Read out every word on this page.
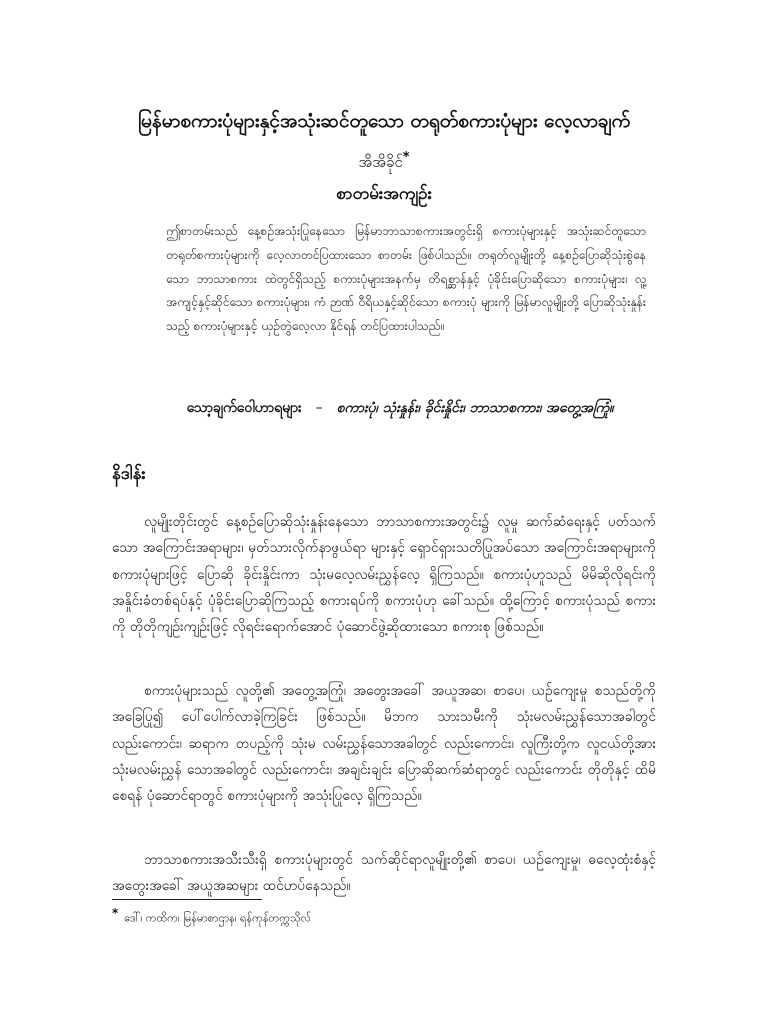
မြန်မာစကားပုံများနှင့်အသုံးဆင်တူသော တရုတ်စကားပုံများ လေ့လာချက်
အိအိခိုင်*
စာတမ်းအကျဉ်း
ဤစာတမ်းသည် နေ့စဉ်အသုံးပြုနေသော မြန်မာဘာသာစကားအတွင်းရှိ စကားပုံများနှင့် အသုံးဆင်တူသော တရုတ်စကားပုံများကို လေ့လာတင်ပြထားသော စာတမ်း ဖြစ်ပါသည်။ တရုတ်လူမျိုးတို့ နေ့စဉ်ပြောဆိုသုံးစွဲနေသော ဘာသာစကား ထဲတွင်ရှိသည့် စကားပုံများအနက်မှ တိရစ္ဆာန်နှင့် ပုံခိုင်းပြောဆိုသော စကားပုံများ၊ လူ့အကျင့်နှင့်ဆိုင်သော စကားပုံများ၊ ကံ ဉာဏ် ဝီရိယနှင့်ဆိုင်သော စကားပုံ များကို မြန်မာလူမျိုးတို့ ပြောဆိုသုံးနှုန်းသည့် စကားပုံများနှင့် ယှဉ်တွဲလေ့လာ နိုင်ရန် တင်ပြထားပါသည်။
သော့ချက်ဝေါဟာရများ – စကားပုံ၊ သုံးနှုန်း၊ ခိုင်းနှိုင်း၊ ဘာသာစကား၊ အတွေ့အကြုံ။
နိဒါန်း

လူမျိုးတိုင်းတွင် နေ့စဉ်ပြောဆိုသုံးနှုန်းနေသော ဘာသာစကားအတွင်း၌ လူမှု ဆက်ဆံရေးနှင့် ပတ်သက်သော အကြောင်းအရာများ၊ မှတ်သားလိုက်နာဖွယ်ရာ များနှင့် ရှောင်ရှားသတိပြုအပ်သော အကြောင်းအရာများကို စကားပုံများဖြင့် ပြောဆို ခိုင်းနှိုင်းကာ သုံးမလေ့လမ်းညွှန်လေ့ ရှိကြသည်။ စကားပုံဟူသည် မိမိဆိုလိုရင်းကို အနှိုင်းခံတစ်ရပ်နှင့် ပုံခိုင်းပြောဆိုကြသည့် စကားရပ်ကို စကားပုံဟု ခေါ်သည်။ ထို့ကြောင့် စကားပုံသည် စကားကို တိုတိုကျဉ်းကျဉ်းဖြင့် လိုရင်းရောက်အောင် ပုံဆောင်ဖွဲ့ဆိုထားသော စကားစု ဖြစ်သည်။

စကားပုံများသည် လူတို့၏ အတွေ့အကြုံ၊ အတွေးအခေါ် အယူအဆ၊ စာပေ၊ ယဉ်ကျေးမှု စသည်တို့ကို အခြေပြု၍ ပေါ်ပေါက်လာခဲ့ကြခြင်း ဖြစ်သည်။ မိဘက သားသမီးကို သုံးမလမ်းညွှန်သောအခါတွင် လည်းကောင်း၊ ဆရာက တပည့်ကို သုံးမ လမ်းညွှန်သောအခါတွင် လည်းကောင်း၊ လူကြီးတို့က လူငယ်တို့အား သုံးမလမ်းညွှန် သောအခါတွင် လည်းကောင်း၊ အချင်းချင်း ပြောဆိုဆက်ဆံရာတွင် လည်းကောင်း တိုတိုနှင့် ထိမိစေရန် ပုံဆောင်ရာတွင် စကားပုံများကို အသုံးပြုလေ့ ရှိကြသည်။

ဘာသာစကားအသီးသီးရှိ စကားပုံများတွင် သက်ဆိုင်ရာလူမျိုးတို့၏ စာပေ၊ ယဉ်ကျေးမှု၊ ဓလေ့ထုံးစံနှင့် အတွေးအခေါ် အယူအဆများ ထင်ဟပ်နေသည်။

* ဒေါ်၊ ကထိက၊ မြန်မာစာဌာန၊ ရန်ကုန်တက္ကသိုလ်
